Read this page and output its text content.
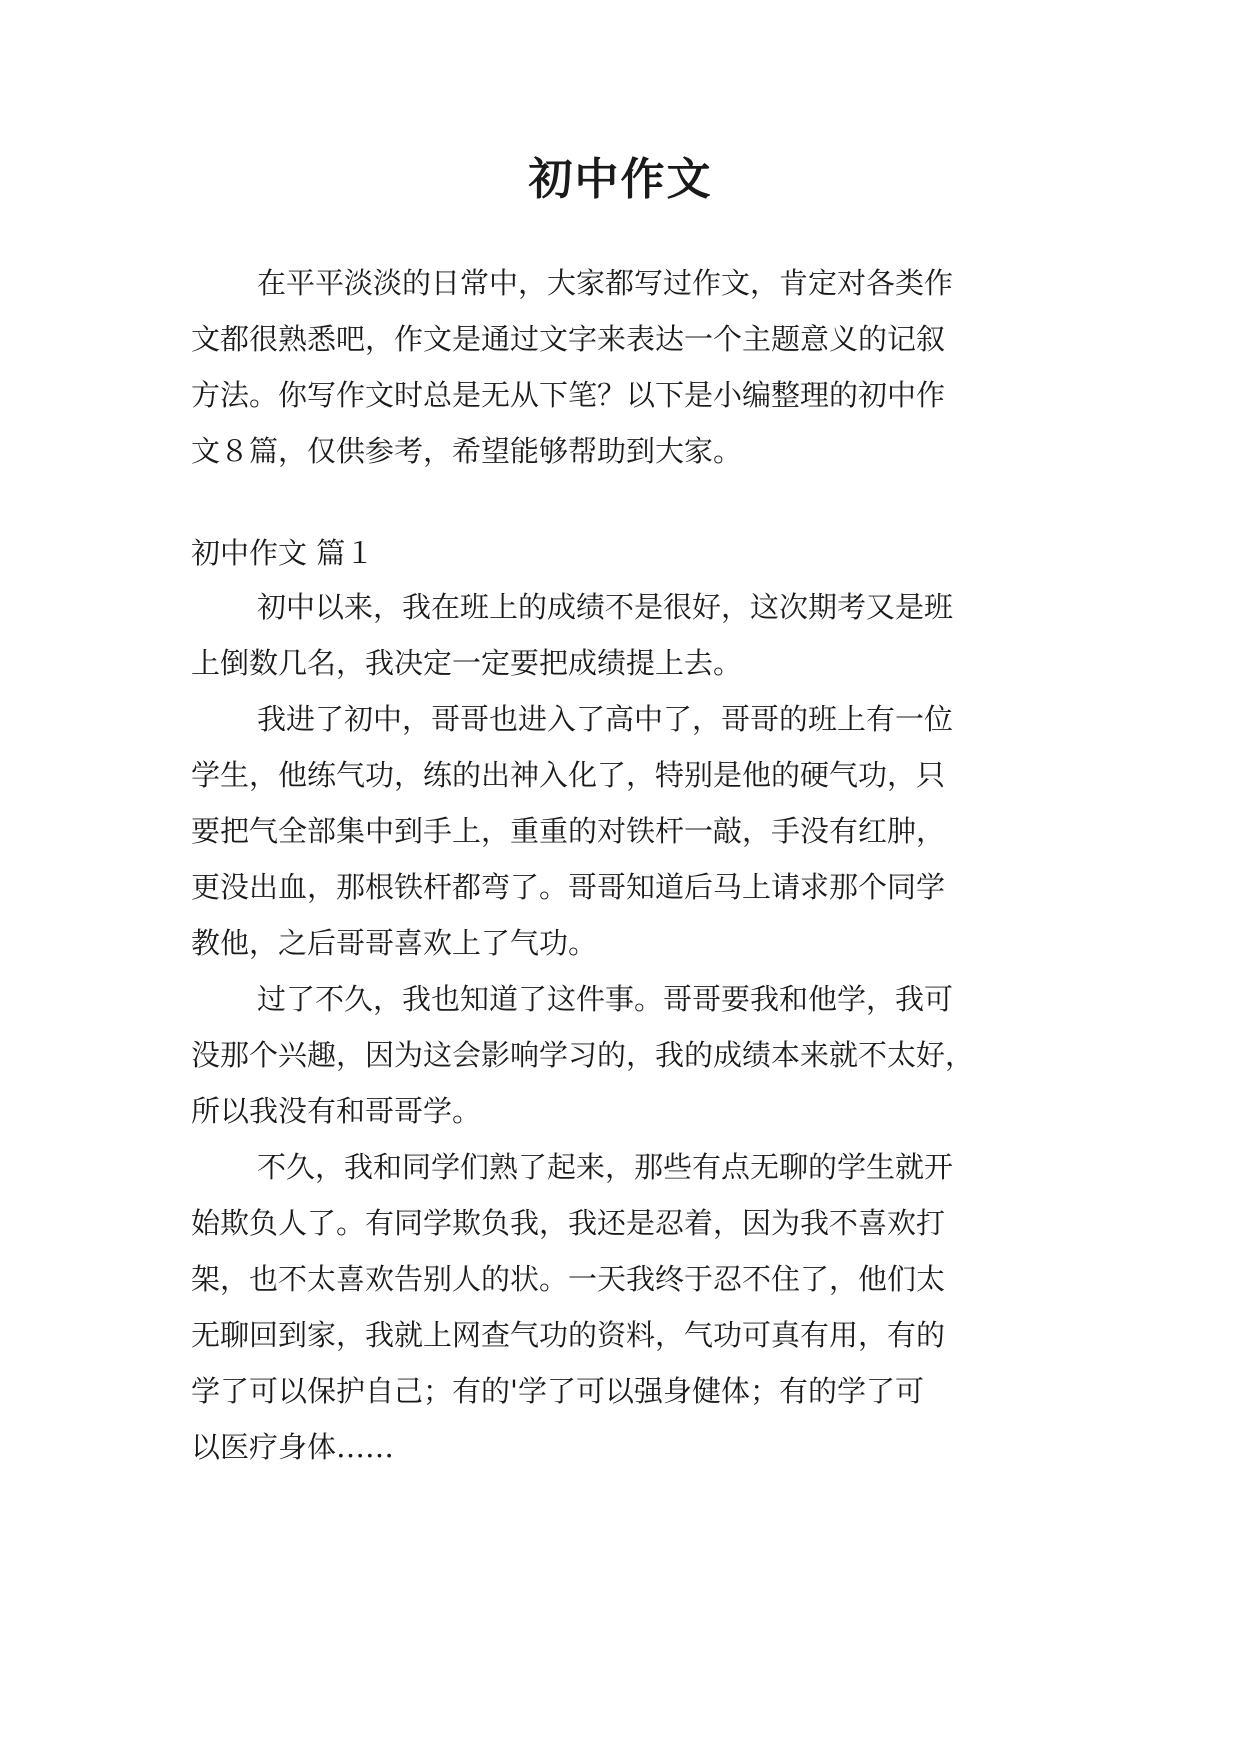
初中作文

在平平淡淡的日常中，大家都写过作文，肯定对各类作

文都很熟悉吧，作文是通过文字来表达一个主题意义的记叙

方法。你写作文时总是无从下笔？以下是小编整理的初中作

文８篇，仅供参考，希望能够帮助到大家。

初中作文 篇１

初中以来，我在班上的成绩不是很好，这次期考又是班

上倒数几名，我决定一定要把成绩提上去。

我进了初中，哥哥也进入了高中了，哥哥的班上有一位

学生，他练气功，练的出神入化了，特别是他的硬气功，只

要把气全部集中到手上，重重的对铁杆一敲，手没有红肿，

更没出血，那根铁杆都弯了。哥哥知道后马上请求那个同学

教他，之后哥哥喜欢上了气功。

过了不久，我也知道了这件事。哥哥要我和他学，我可

没那个兴趣，因为这会影响学习的，我的成绩本来就不太好，

所以我没有和哥哥学。

不久，我和同学们熟了起来，那些有点无聊的学生就开

始欺负人了。有同学欺负我，我还是忍着，因为我不喜欢打

架，也不太喜欢告别人的状。一天我终于忍不住了，他们太

无聊回到家，我就上网查气功的资料，气功可真有用，有的

学了可以保护自己；有的'学了可以强身健体；有的学了可

以医疗身体……
